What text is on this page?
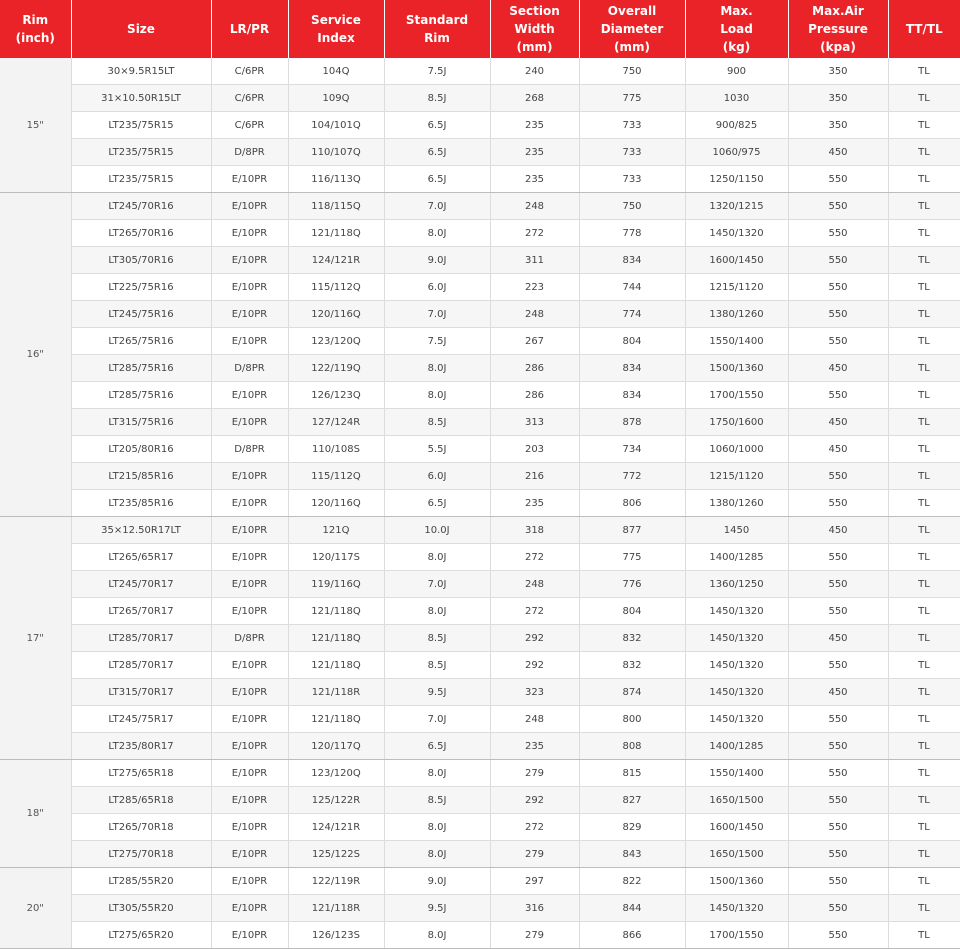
Rim
(inch)	Size	LR/PR	Service
Index	Standard
Rim	Section
Width
(mm)	Overall
Diameter
(mm)	Max.
Load
(kg)	Max.Air
Pressure
(kpa)	TT/TL
15"	30×9.5R15LT	C/6PR	104Q	7.5J	240	750	900	350	TL
	31×10.50R15LT	C/6PR	109Q	8.5J	268	775	1030	350	TL
	LT235/75R15	C/6PR	104/101Q	6.5J	235	733	900/825	350	TL
	LT235/75R15	D/8PR	110/107Q	6.5J	235	733	1060/975	450	TL
	LT235/75R15	E/10PR	116/113Q	6.5J	235	733	1250/1150	550	TL
16"	LT245/70R16	E/10PR	118/115Q	7.0J	248	750	1320/1215	550	TL
	LT265/70R16	E/10PR	121/118Q	8.0J	272	778	1450/1320	550	TL
	LT305/70R16	E/10PR	124/121R	9.0J	311	834	1600/1450	550	TL
	LT225/75R16	E/10PR	115/112Q	6.0J	223	744	1215/1120	550	TL
	LT245/75R16	E/10PR	120/116Q	7.0J	248	774	1380/1260	550	TL
	LT265/75R16	E/10PR	123/120Q	7.5J	267	804	1550/1400	550	TL
	LT285/75R16	D/8PR	122/119Q	8.0J	286	834	1500/1360	450	TL
	LT285/75R16	E/10PR	126/123Q	8.0J	286	834	1700/1550	550	TL
	LT315/75R16	E/10PR	127/124R	8.5J	313	878	1750/1600	450	TL
	LT205/80R16	D/8PR	110/108S	5.5J	203	734	1060/1000	450	TL
	LT215/85R16	E/10PR	115/112Q	6.0J	216	772	1215/1120	550	TL
	LT235/85R16	E/10PR	120/116Q	6.5J	235	806	1380/1260	550	TL
17"	35×12.50R17LT	E/10PR	121Q	10.0J	318	877	1450	450	TL
	LT265/65R17	E/10PR	120/117S	8.0J	272	775	1400/1285	550	TL
	LT245/70R17	E/10PR	119/116Q	7.0J	248	776	1360/1250	550	TL
	LT265/70R17	E/10PR	121/118Q	8.0J	272	804	1450/1320	550	TL
	LT285/70R17	D/8PR	121/118Q	8.5J	292	832	1450/1320	450	TL
	LT285/70R17	E/10PR	121/118Q	8.5J	292	832	1450/1320	550	TL
	LT315/70R17	E/10PR	121/118R	9.5J	323	874	1450/1320	450	TL
	LT245/75R17	E/10PR	121/118Q	7.0J	248	800	1450/1320	550	TL
	LT235/80R17	E/10PR	120/117Q	6.5J	235	808	1400/1285	550	TL
18"	LT275/65R18	E/10PR	123/120Q	8.0J	279	815	1550/1400	550	TL
	LT285/65R18	E/10PR	125/122R	8.5J	292	827	1650/1500	550	TL
	LT265/70R18	E/10PR	124/121R	8.0J	272	829	1600/1450	550	TL
	LT275/70R18	E/10PR	125/122S	8.0J	279	843	1650/1500	550	TL
20"	LT285/55R20	E/10PR	122/119R	9.0J	297	822	1500/1360	550	TL
	LT305/55R20	E/10PR	121/118R	9.5J	316	844	1450/1320	550	TL
	LT275/65R20	E/10PR	126/123S	8.0J	279	866	1700/1550	550	TL
